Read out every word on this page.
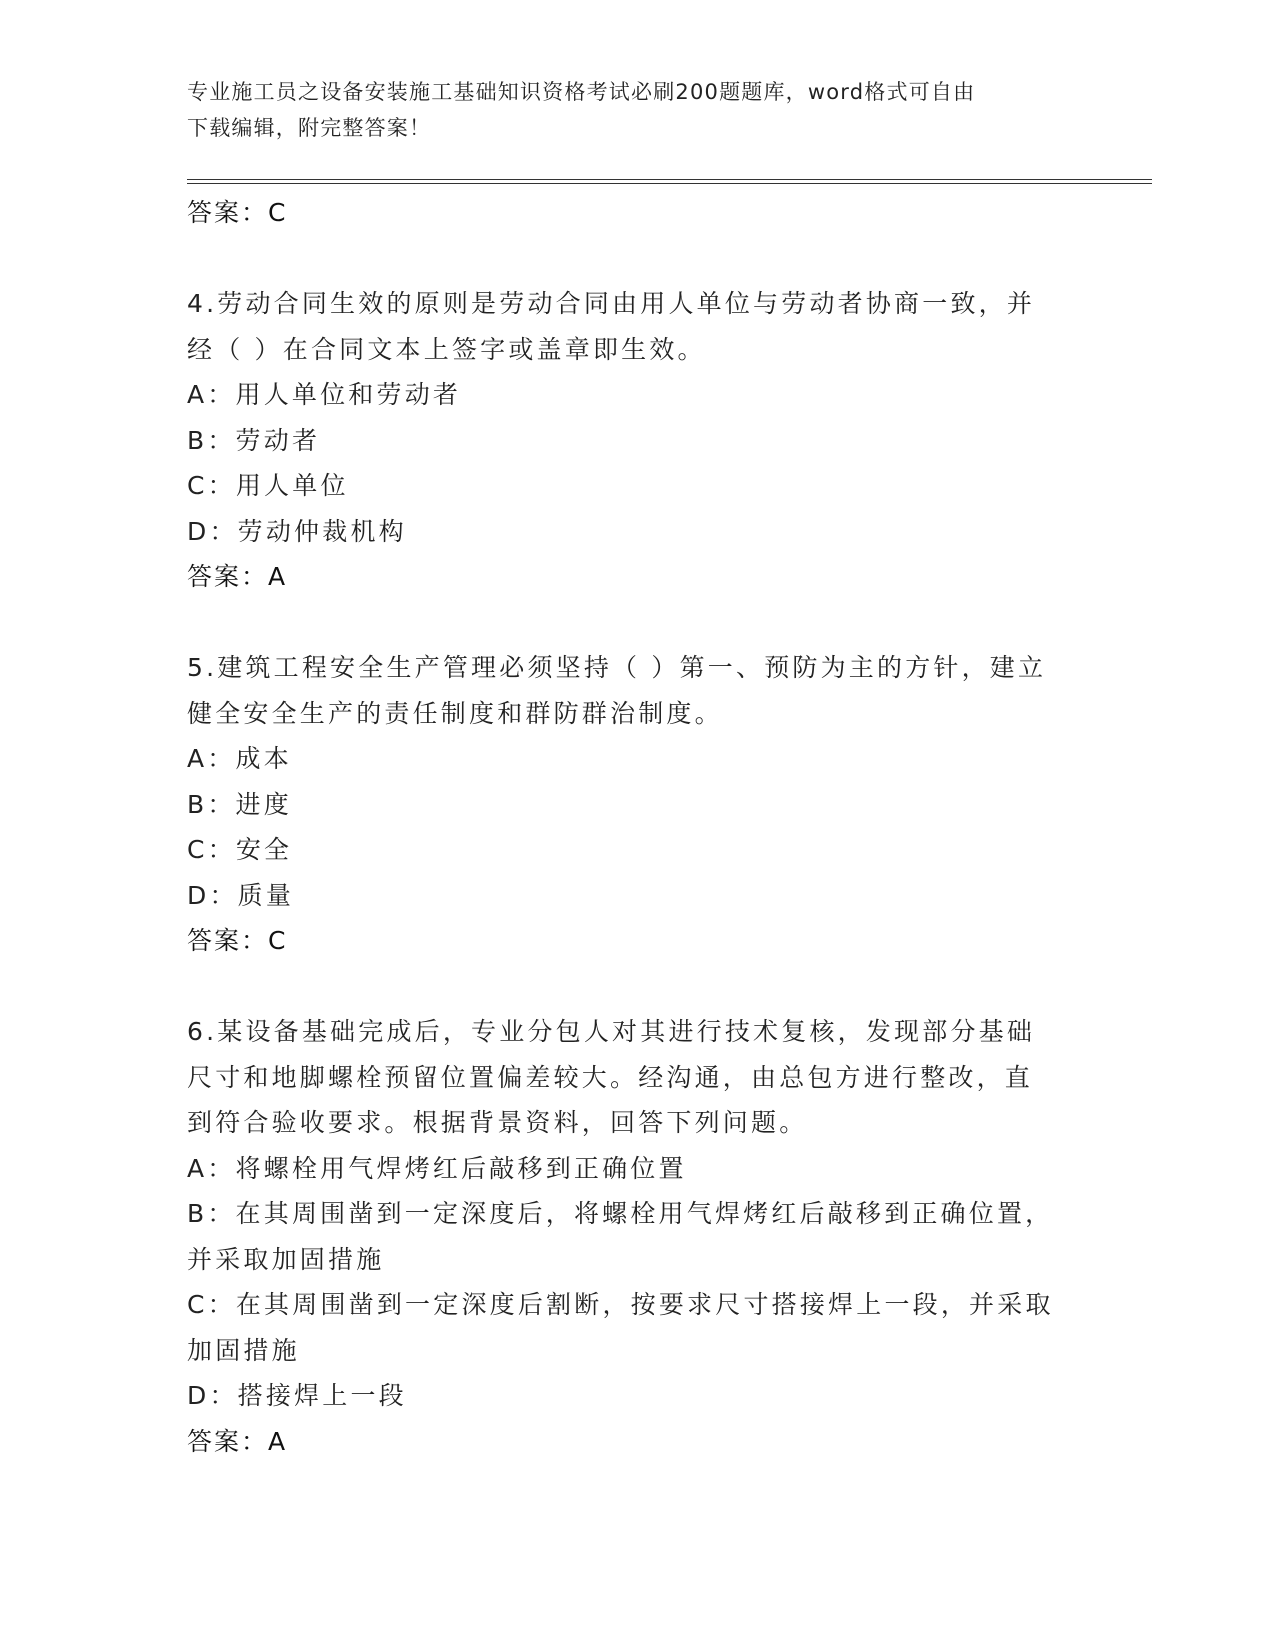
专业施工员之设备安装施工基础知识资格考试必刷200题题库，word格式可自由
下载编辑，附完整答案！
答案：C
4.劳动合同生效的原则是劳动合同由用人单位与劳动者协商一致，并
经（ ）在合同文本上签字或盖章即生效。
A：用人单位和劳动者
B：劳动者
C：用人单位
D：劳动仲裁机构
答案：A
5.建筑工程安全生产管理必须坚持（ ）第一、预防为主的方针，建立
健全安全生产的责任制度和群防群治制度。
A：成本
B：进度
C：安全
D：质量
答案：C
6.某设备基础完成后，专业分包人对其进行技术复核，发现部分基础
尺寸和地脚螺栓预留位置偏差较大。经沟通，由总包方进行整改，直
到符合验收要求。根据背景资料，回答下列问题。
A：将螺栓用气焊烤红后敲移到正确位置
B：在其周围凿到一定深度后，将螺栓用气焊烤红后敲移到正确位置，
并采取加固措施
C：在其周围凿到一定深度后割断，按要求尺寸搭接焊上一段，并采取
加固措施
D：搭接焊上一段
答案：A
